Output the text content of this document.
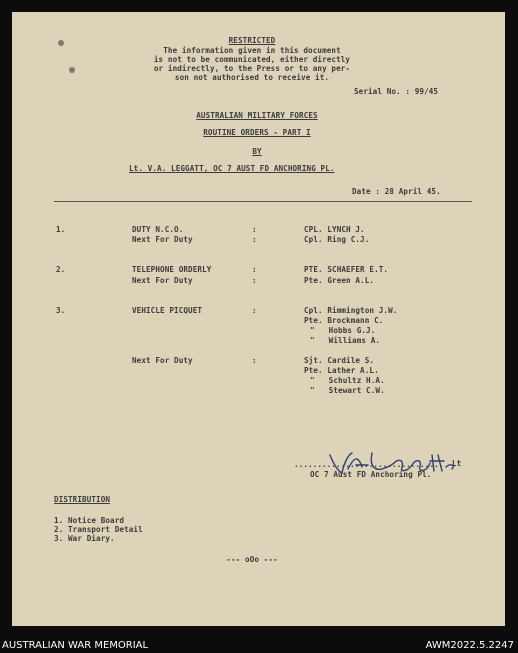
RESTRICTED
The information given in this document
is not to be communicated, either directly
or indirectly, to the Press or to any per-
son not authorised to receive it.
Serial No. : 99/45
AUSTRALIAN MILITARY FORCES
ROUTINE ORDERS - PART I
BY
Lt. V.A. LEGGATT, OC 7 AUST FD ANCHORING PL.
Date : 28 April 45.
1.	DUTY N.C.O.	:	CPL. LYNCH J.
Next For Duty	:	Cpl. Ring C.J.
2.	TELEPHONE ORDERLY	:	PTE. SCHAEFER E.T.
Next For Duty	:	Pte. Green A.L.
3.	VEHICLE PICQUET	:	Cpl. Rimmington J.W.
Pte. Brockmann C.
"   Hobbs G.J.
"   Williams A.
Next For Duty	:	Sjt. Cardile S.
Pte. Lather A.L.
"   Schultz H.A.
"   Stewart C.W.
V A Leggatt
................................ Lt
OC 7 Aust FD Anchoring Pl.
DISTRIBUTION
1. Notice Board
2. Transport Detail
3. War Diary.
--- oOo ---
AUSTRALIAN WAR MEMORIAL	AWM2022.5.2247
